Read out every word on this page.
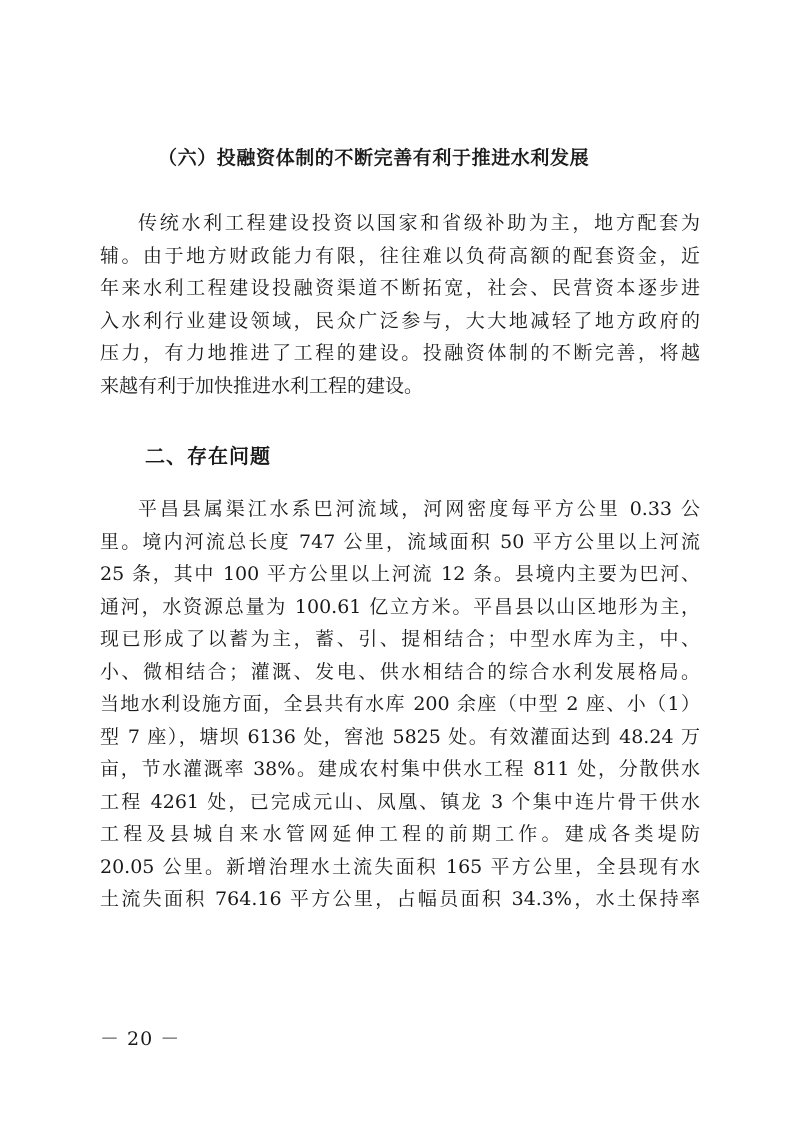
（六）投融资体制的不断完善有利于推进水利发展
传统水利工程建设投资以国家和省级补助为主，地方配套为
辅。由于地方财政能力有限，往往难以负荷高额的配套资金，近
年来水利工程建设投融资渠道不断拓宽，社会、民营资本逐步进
入水利行业建设领域，民众广泛参与，大大地减轻了地方政府的
压力，有力地推进了工程的建设。投融资体制的不断完善，将越
来越有利于加快推进水利工程的建设。
二、存在问题
平昌县属渠江水系巴河流域，河网密度每平方公里 0.33 公
里。境内河流总长度 747 公里，流域面积 50 平方公里以上河流
25 条，其中 100 平方公里以上河流 12 条。县境内主要为巴河、
通河，水资源总量为 100.61 亿立方米。平昌县以山区地形为主，
现已形成了以蓄为主，蓄、引、提相结合；中型水库为主，中、
小、微相结合；灌溉、发电、供水相结合的综合水利发展格局。
当地水利设施方面，全县共有水库 200 余座（中型 2 座、小（1）
型 7 座），塘坝 6136 处，窖池 5825 处。有效灌面达到 48.24 万
亩，节水灌溉率 38%。建成农村集中供水工程 811 处，分散供水
工程 4261 处，已完成元山、凤凰、镇龙 3 个集中连片骨干供水
工程及县城自来水管网延伸工程的前期工作。建成各类堤防
20.05 公里。新增治理水土流失面积 165 平方公里，全县现有水
土流失面积 764.16 平方公里，占幅员面积 34.3%，水土保持率
－ 20 －
